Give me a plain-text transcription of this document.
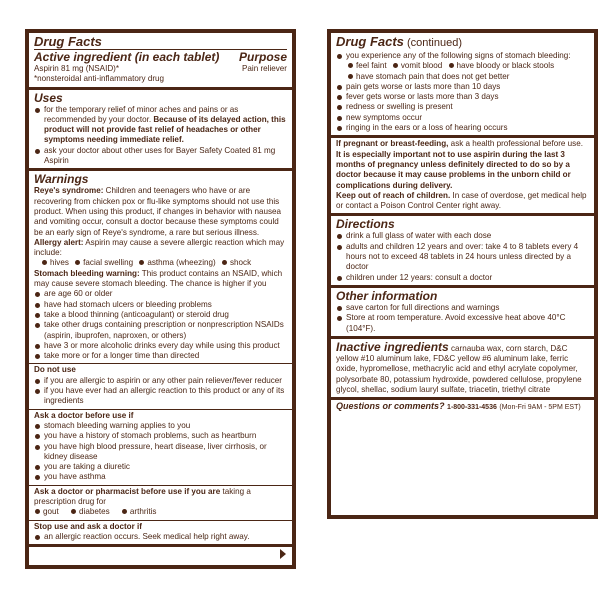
Drug Facts
Active ingredient (in each tablet) Purpose
Aspirin 81 mg (NSAID)*	Pain reliever
*nonsteroidal anti-inflammatory drug
Uses
for the temporary relief of minor aches and pains or as recommended by your doctor. Because of its delayed action, this product will not provide fast relief of headaches or other symptoms needing immediate relief.
ask your doctor about other uses for Bayer Safety Coated 81 mg Aspirin
Warnings
Reye's syndrome: Children and teenagers who have or are recovering from chicken pox or flu-like symptoms should not use this product. When using this product, if changes in behavior with nausea and vomiting occur, consult a doctor because these symptoms could be an early sign of Reye's syndrome, a rare but serious illness.
Allergy alert: Aspirin may cause a severe allergic reaction which may include:
hives facial swelling asthma (wheezing) shock
Stomach bleeding warning: This product contains an NSAID, which may cause severe stomach bleeding. The chance is higher if you
are age 60 or older
have had stomach ulcers or bleeding problems
take a blood thinning (anticoagulant) or steroid drug
take other drugs containing prescription or nonprescription NSAIDs (aspirin, ibuprofen, naproxen, or others)
have 3 or more alcoholic drinks every day while using this product
take more or for a longer time than directed
Do not use
if you are allergic to aspirin or any other pain reliever/fever reducer
if you have ever had an allergic reaction to this product or any of its ingredients
Ask a doctor before use if
stomach bleeding warning applies to you
you have a history of stomach problems, such as heartburn
you have high blood pressure, heart disease, liver cirrhosis, or kidney disease
you are taking a diuretic
you have asthma
Ask a doctor or pharmacist before use if you are taking a prescription drug for
gout	diabetes	arthritis
Stop use and ask a doctor if
an allergic reaction occurs. Seek medical help right away.
Drug Facts (continued)
you experience any of the following signs of stomach bleeding:
feel faint vomit blood have bloody or black stools
have stomach pain that does not get better
pain gets worse or lasts more than 10 days
fever gets worse or lasts more than 3 days
redness or swelling is present
new symptoms occur
ringing in the ears or a loss of hearing occurs
If pregnant or breast-feeding, ask a health professional before use. It is especially important not to use aspirin during the last 3 months of pregnancy unless definitely directed to do so by a doctor because it may cause problems in the unborn child or complications during delivery.
Keep out of reach of children. In case of overdose, get medical help or contact a Poison Control Center right away.
Directions
drink a full glass of water with each dose
adults and children 12 years and over: take 4 to 8 tablets every 4 hours not to exceed 48 tablets in 24 hours unless directed by a doctor
children under 12 years: consult a doctor
Other information
save carton for full directions and warnings
Store at room temperature. Avoid excessive heat above 40°C (104°F).
Inactive ingredients carnauba wax, corn starch, D&C yellow #10 aluminum lake, FD&C yellow #6 aluminum lake, ferric oxide, hypromellose, methacrylic acid and ethyl acrylate copolymer, polysorbate 80, potassium hydroxide, powdered cellulose, propylene glycol, shellac, sodium lauryl sulfate, triacetin, triethyl citrate
Questions or comments? 1-800-331-4536 (Mon-Fri 9AM - 5PM EST)
